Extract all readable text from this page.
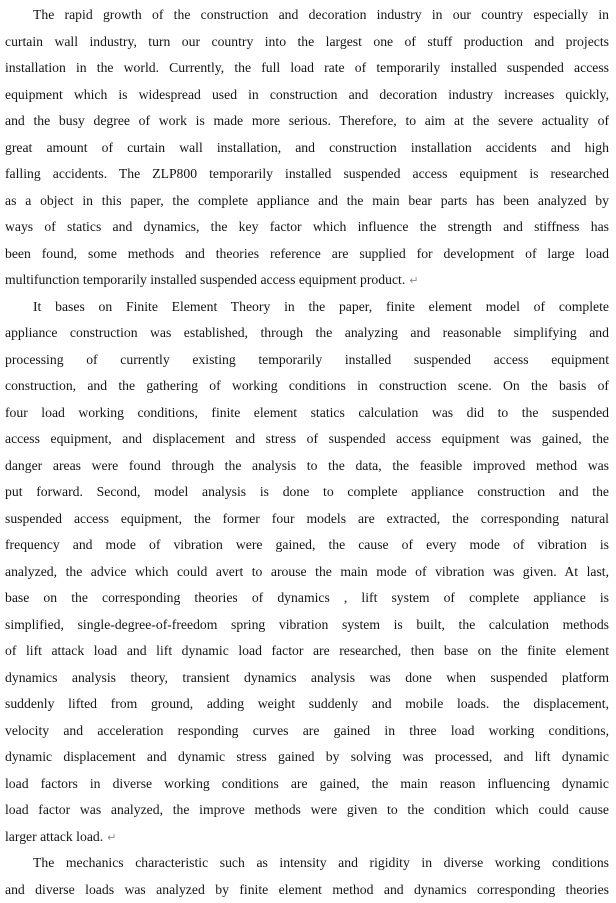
The rapid growth of the construction and decoration industry in our country especially in
curtain wall industry, turn our country into the largest one of stuff production and projects
installation in the world. Currently, the full load rate of temporarily installed suspended access
equipment which is widespread used in construction and decoration industry increases quickly,
and the busy degree of work is made more serious. Therefore, to aim at the severe actuality of
great amount of curtain wall installation, and construction installation accidents and high
falling accidents. The ZLP800 temporarily installed suspended access equipment is researched
as a object in this paper, the complete appliance and the main bear parts has been analyzed by
ways of statics and dynamics, the key factor which influence the strength and stiffness has
been found, some methods and theories reference are supplied for development of large load
multifunction temporarily installed suspended access equipment product. ↵
It bases on Finite Element Theory in the paper, finite element model of complete
appliance construction was established, through the analyzing and reasonable simplifying and
processing of currently existing temporarily installed suspended access equipment
construction, and the gathering of working conditions in construction scene. On the basis of
four load working conditions, finite element statics calculation was did to the suspended
access equipment, and displacement and stress of suspended access equipment was gained, the
danger areas were found through the analysis to the data, the feasible improved method was
put forward. Second, model analysis is done to complete appliance construction and the
suspended access equipment, the former four models are extracted, the corresponding natural
frequency and mode of vibration were gained, the cause of every mode of vibration is
analyzed, the advice which could avert to arouse the main mode of vibration was given. At last,
base on the corresponding theories of dynamics , lift system of complete appliance is
simplified, single-degree-of-freedom spring vibration system is built, the calculation methods
of lift attack load and lift dynamic load factor are researched, then base on the finite element
dynamics analysis theory, transient dynamics analysis was done when suspended platform
suddenly lifted from ground, adding weight suddenly and mobile loads. the displacement,
velocity and acceleration responding curves are gained in three load working conditions,
dynamic displacement and dynamic stress gained by solving was processed, and lift dynamic
load factors in diverse working conditions are gained, the main reason influencing dynamic
load factor was analyzed, the improve methods were given to the condition which could cause
larger attack load. ↵
The mechanics characteristic such as intensity and rigidity in diverse working conditions
and diverse loads was analyzed by finite element method and dynamics corresponding theories
